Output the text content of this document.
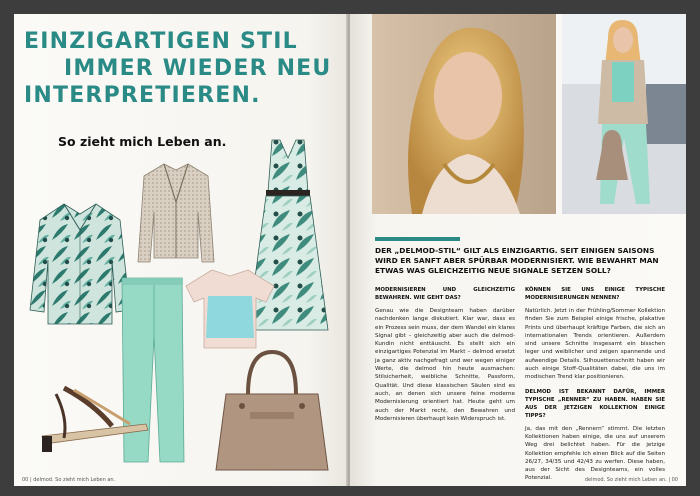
EINZIGARTIGEN STIL
IMMER WIEDER NEU
INTERPRETIEREN.
So zieht mich Leben an.
00 | delmod. So zieht mich Leben an.

DER „DELMOD-STIL“ GILT ALS EINZIGARTIG. SEIT EINIGEN SAISONS WIRD ER SANFT ABER SPÜRBAR MODERNISIERT. WIE BEWAHRT MAN ETWAS WAS GLEICHZEITIG NEUE SIGNALE SETZEN SOLL?

MODERNISIEREN UND GLEICHZEITIG BEWAHREN. WIE GEHT DAS?

Genau wie die Designteam haben darüber nachdenken lange diskutiert. Klar war, dass es ein Prozess sein muss, der dem Wandel ein klares Signal gibt – gleichzeitig aber auch die delmod-Kundin nicht enttäuscht. Es stellt sich ein einzigartiges Potenzial im Markt – delmod ersetzt ja ganz aktiv nachgefragt und wer wegen einiger Werte, die delmod hin heute ausmachen: Stilsicherheit, weibliche Schnitte, Passform, Qualität. Und diese klassischen Säulen sind es auch, an denen sich unsere feine moderne Modernisierung orientiert hat. Heute geht um auch der Markt recht, den Bewahren und Modernisieren überhaupt kein Widerspruch ist.

KÖNNEN SIE UNS EINIGE TYPISCHE MODERNISIERUNGEN NENNEN?

Natürlich. Jetzt in der Frühling/Sommer Kollektion finden Sie zum Beispiel einige frische, plakative Prints und überhaupt kräftige Farben, die sich an internationalen Trends orientieren. Außerdem sind unsere Schnitte insgesamt ein bisschen leger und weiblicher und zeigen spannende und aufwendige Details. Silhouettenschnitt haben wir auch einige Stoff-Qualitäten dabei, die uns im modischen Trend klar positionieren.

DELMOD IST BEKANNT DAFÜR, IMMER TYPISCHE „RENNER“ ZU HABEN. HABEN SIE AUS DER JETZIGEN KOLLEKTION EINIGE TIPPS?

Ja, das mit den „Rennern“ stimmt. Die letzten Kollektionen haben einige, die uns auf unserem Weg drei belichtet haben. Für die jetzige Kollektion empfehle ich einen Blick auf die Seiten 26/27, 34/35 und 42/43 zu werfen. Diese haben, aus der Sicht des Designteams, ein volles Potenzial.	delmod. So zieht mich Leben an. | 00
